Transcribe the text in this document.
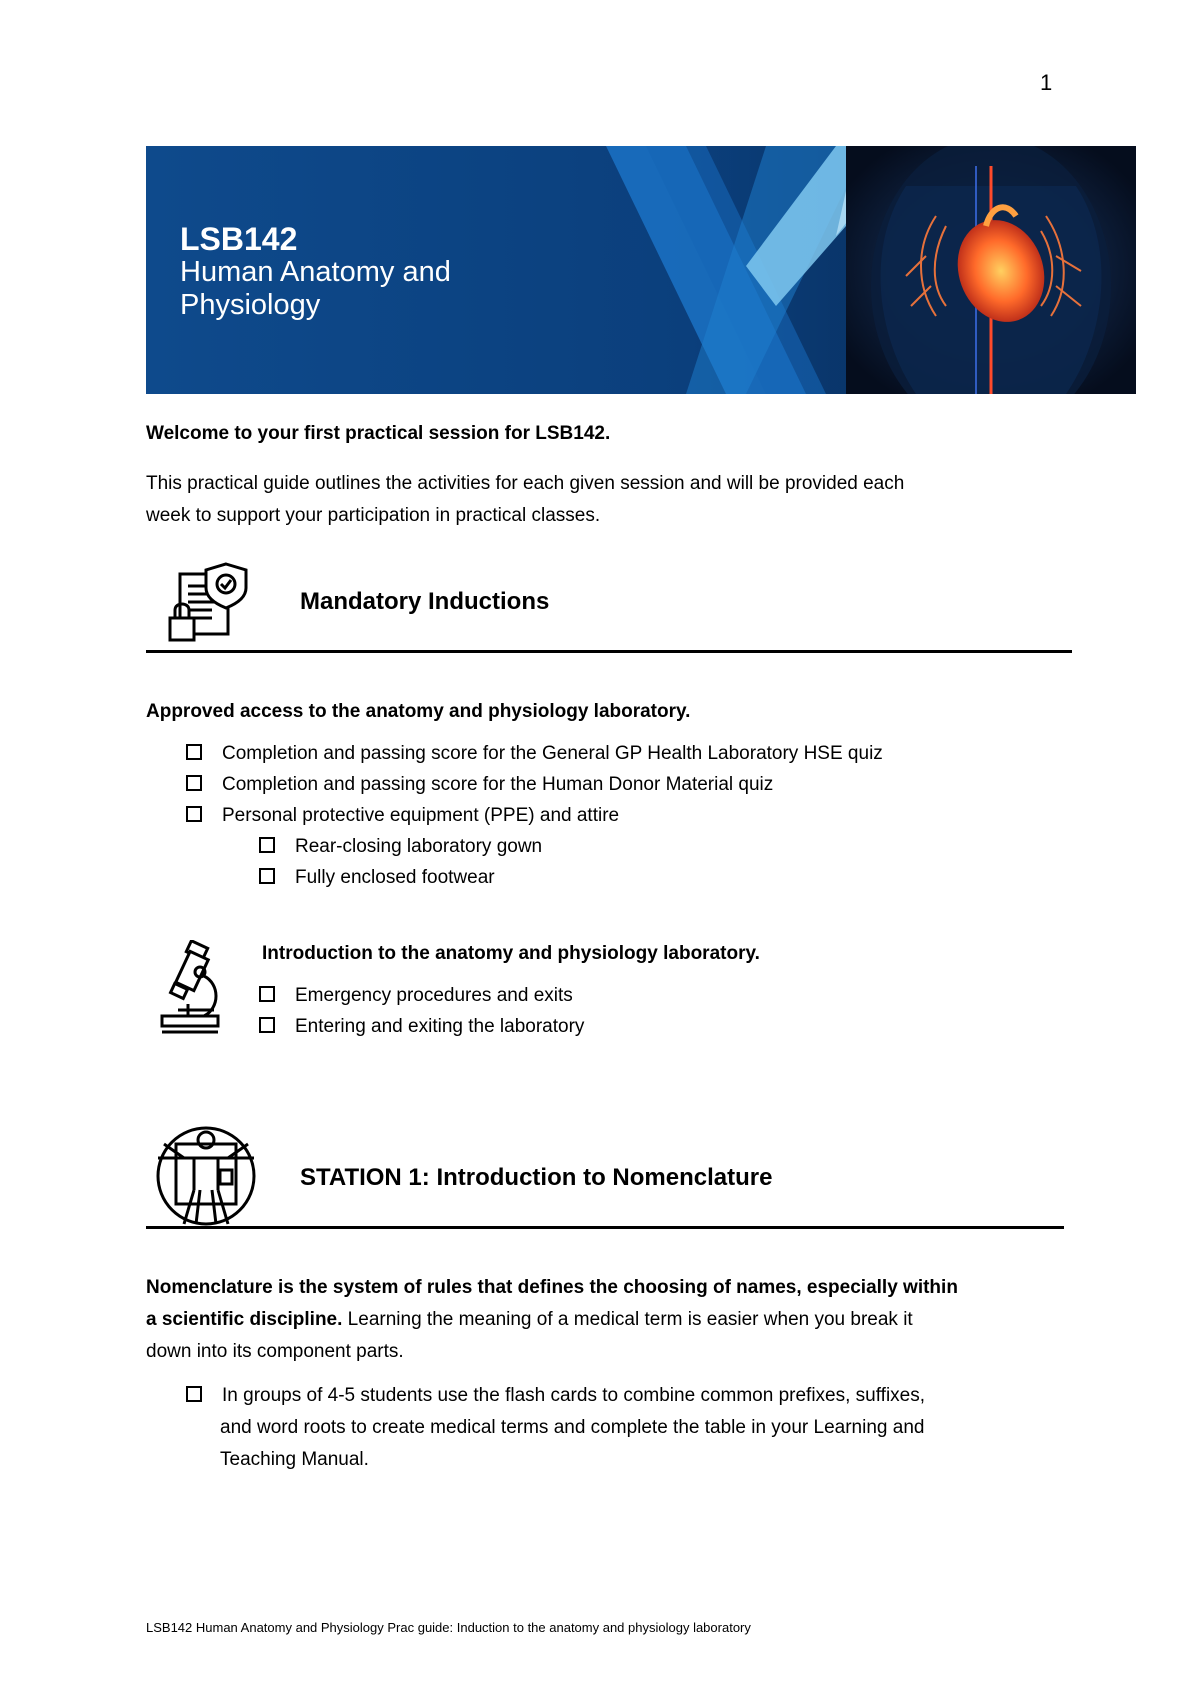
1
LSB142
Human Anatomy and
Physiology
Welcome to your first practical session for LSB142.
This practical guide outlines the activities for each given session and will be provided each
week to support your participation in practical classes.
Mandatory Inductions
Approved access to the anatomy and physiology laboratory.
Completion and passing score for the General GP Health Laboratory HSE quiz
Completion and passing score for the Human Donor Material quiz
Personal protective equipment (PPE) and attire
Rear-closing laboratory gown
Fully enclosed footwear
Introduction to the anatomy and physiology laboratory.
Emergency procedures and exits
Entering and exiting the laboratory
STATION 1: Introduction to Nomenclature
Nomenclature is the system of rules that defines the choosing of names, especially within
a scientific discipline. Learning the meaning of a medical term is easier when you break it
down into its component parts.
In groups of 4-5 students use the flash cards to combine common prefixes, suffixes,
and word roots to create medical terms and complete the table in your Learning and
Teaching Manual.
LSB142 Human Anatomy and Physiology Prac guide: Induction to the anatomy and physiology laboratory
